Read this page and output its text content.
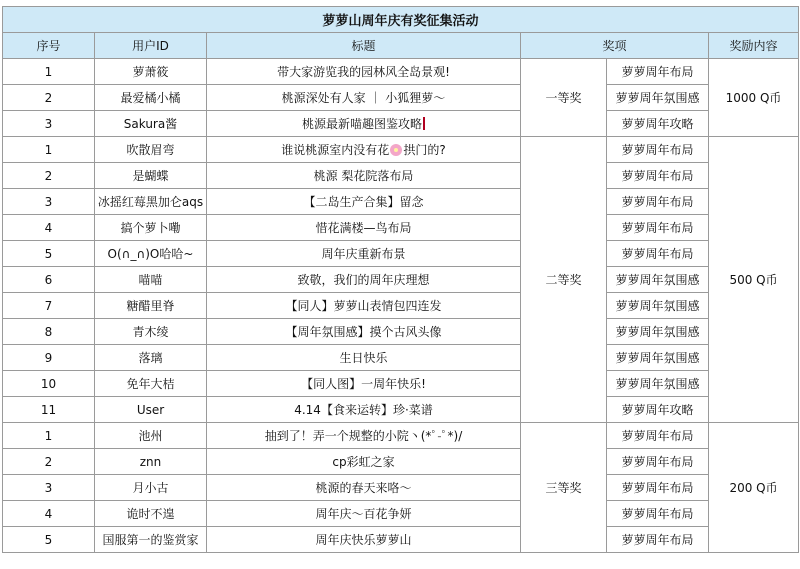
萝萝山周年庆有奖征集活动					
序号	用户ID	标题	奖项		奖励内容
1	萝萧筱	带大家游览我的园林风全岛景观!	一等奖	萝萝周年布局	1000 Q币
2	最爱橘小橘	桃源深处有人家 ｜ 小狐狸萝～		萝萝周年氛围感	
3	Sakura酱	桃源最新喵趣图鉴攻略		萝萝周年攻略	
1	吹散眉弯	谁说桃源室内没有花 拱门的?	二等奖	萝萝周年布局	500 Q币
2	是蝴蝶	桃源 梨花院落布局		萝萝周年布局	
3	冰摇红莓黑加仑aqs	【二岛生产合集】留念		萝萝周年布局	
4	搞个萝卜嘞	惜花满楼—鸟布局		萝萝周年布局	
5	O(∩_∩)O哈哈~	周年庆重新布景		萝萝周年布局	
6	喵喵	致敬，我们的周年庆理想		萝萝周年氛围感	
7	糖醋里脊	【同人】萝萝山表情包四连发		萝萝周年氛围感	
8	青木绫	【周年氛围感】摸个古风头像		萝萝周年氛围感	
9	落璃	生日快乐		萝萝周年氛围感	
10	免年大桔	【同人图】一周年快乐!		萝萝周年氛围感	
11	User	4.14【食来运转】珍·菜谱		萝萝周年攻略	
1	池州	抽到了！弄一个规整的小院丶(*ﾟ-ﾟ*)/	三等奖	萝萝周年布局	200 Q币
2	znn	cp彩虹之家		萝萝周年布局	
3	月小古	桃源的春天来咯～		萝萝周年布局	
4	诡时不遑	周年庆～百花争妍		萝萝周年布局	
5	国服第一的鉴赏家	周年庆快乐萝萝山		萝萝周年布局	
